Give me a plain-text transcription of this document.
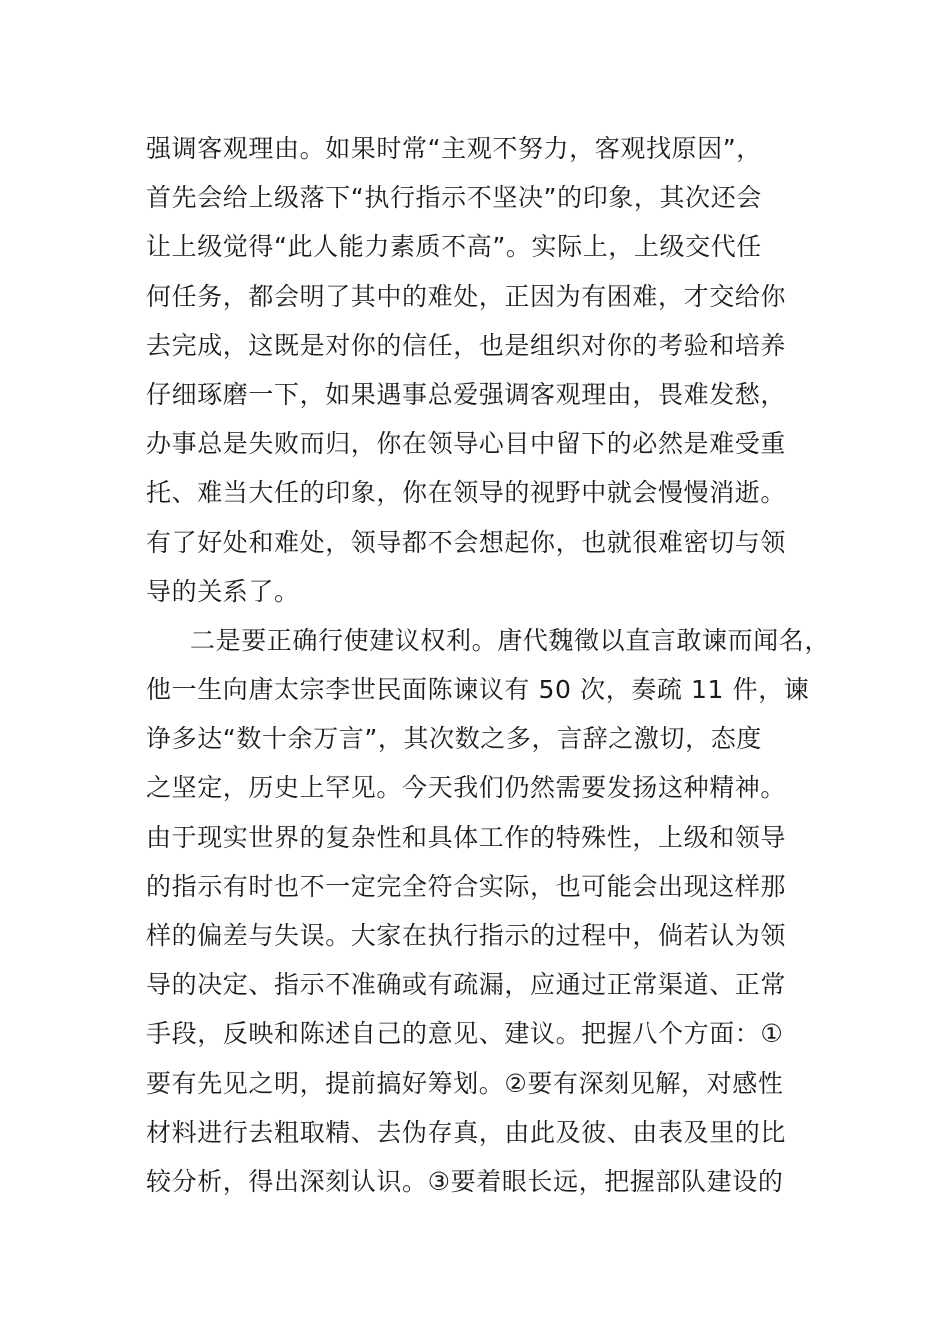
强调客观理由。如果时常“主观不努力，客观找原因”，
首先会给上级落下“执行指示不坚决”的印象，其次还会
让上级觉得“此人能力素质不高”。实际上，上级交代任
何任务，都会明了其中的难处，正因为有困难，才交给你
去完成，这既是对你的信任，也是组织对你的考验和培养
仔细琢磨一下，如果遇事总爱强调客观理由，畏难发愁，
办事总是失败而归，你在领导心目中留下的必然是难受重
托、难当大任的印象，你在领导的视野中就会慢慢消逝。
有了好处和难处，领导都不会想起你，也就很难密切与领
导的关系了。
二是要正确行使建议权利。唐代魏徵以直言敢谏而闻名，
他一生向唐太宗李世民面陈谏议有 50 次，奏疏 11 件，谏
诤多达“数十余万言”，其次数之多，言辞之激切，态度
之坚定，历史上罕见。今天我们仍然需要发扬这种精神。
由于现实世界的复杂性和具体工作的特殊性，上级和领导
的指示有时也不一定完全符合实际，也可能会出现这样那
样的偏差与失误。大家在执行指示的过程中，倘若认为领
导的决定、指示不准确或有疏漏，应通过正常渠道、正常
手段，反映和陈述自己的意见、建议。把握八个方面：①
要有先见之明，提前搞好筹划。②要有深刻见解，对感性
材料进行去粗取精、去伪存真，由此及彼、由表及里的比
较分析，得出深刻认识。③要着眼长远，把握部队建设的
